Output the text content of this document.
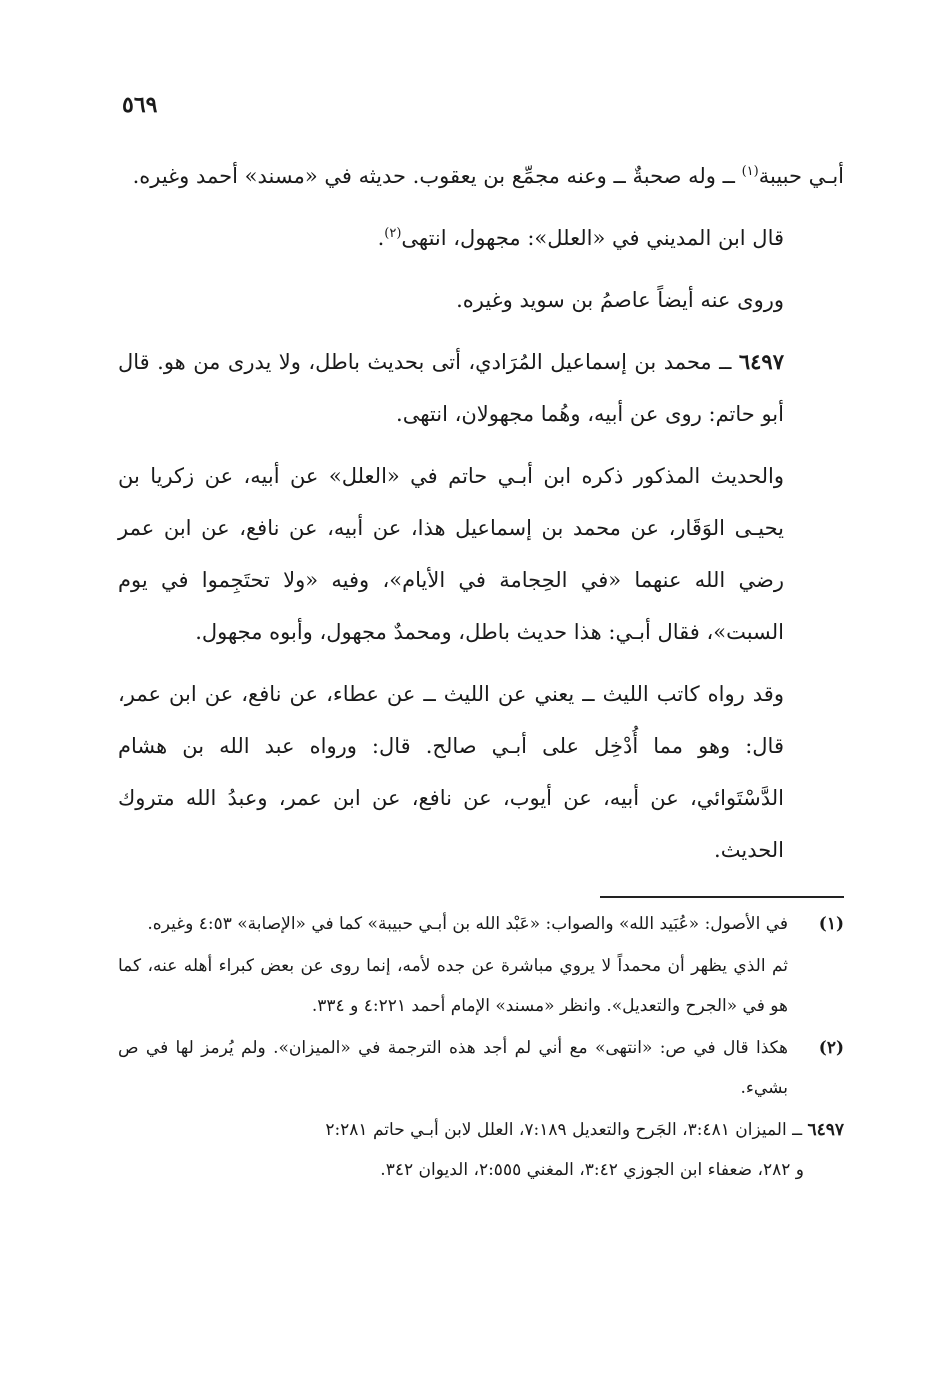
٥٦٩

أبـي حبيبة$^{(١)}$ ــ وله صحبةٌ ــ وعنه مجمِّع بن يعقوب. حديثه في «مسند» أحمد وغيره.

قال ابن المديني في «العلل»: مجهول، انتهى$^{(٢)}$.

وروى عنه أيضاً عاصمُ بن سويد وغيره.

٦٤٩٧ ــ محمد بن إسماعيل المُرَادي، أتى بحديث باطل، ولا يدرى من هو. قال أبو حاتم: روى عن أبيه، وهُما مجهولان، انتهى.

والحديث المذكور ذكره ابن أبـي حاتم في «العلل» عن أبيه، عن زكريا بن يحيـى الوَقَار، عن محمد بن إسماعيل هذا، عن أبيه، عن نافع، عن ابن عمر رضي الله عنهما «في الحِجامة في الأيام»، وفيه «ولا تحتَجِموا في يوم السبت»، فقال أبـي: هذا حديث باطل، ومحمدٌ مجهول، وأبوه مجهول.

وقد رواه كاتب الليث ــ يعني عن الليث ــ عن عطاء، عن نافع، عن ابن عمر، قال: وهو مما أُدْخِل على أبـي صالح. قال: ورواه عبد الله بن هشام الدَّسْتَوائي، عن أبيه، عن أيوب، عن نافع، عن ابن عمر، وعبدُ الله متروك الحديث.

(١)
في الأصول: «عُبَيد الله» والصواب: «عَبْد الله بن أبـي حبيبة» كما في «الإصابة» ٤:٥٣ وغيره.
ثم الذي يظهر أن محمداً لا يروي مباشرة عن جده لأمه، إنما روى عن بعض كبراء أهله عنه، كما هو في «الجرح والتعديل». وانظر «مسند» الإمام أحمد ٤:٢٢١ و ٣٣٤.
(٢)
هكذا قال في ص: «انتهى» مع أني لم أجد هذه الترجمة في «الميزان». ولم يُرمز لها في ص بشيء.
٦٤٩٧ ــ الميزان ٣:٤٨١، الجَرح والتعديل ٧:١٨٩، العلل لابن أبـي حاتم ٢:٢٨١
و ٢٨٢، ضعفاء ابن الجوزي ٣:٤٢، المغني ٢:٥٥٥، الديوان ٣٤٢.
